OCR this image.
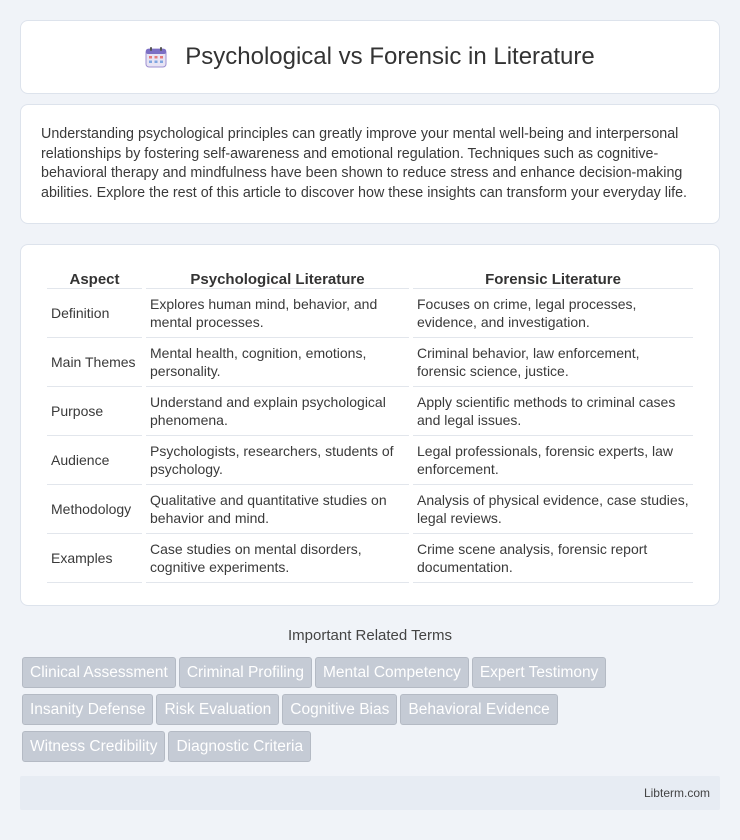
Psychological vs Forensic in Literature

Understanding psychological principles can greatly improve your mental well-being and interpersonal relationships by fostering self-awareness and emotional regulation. Techniques such as cognitive-behavioral therapy and mindfulness have been shown to reduce stress and enhance decision-making abilities. Explore the rest of this article to discover how these insights can transform your everyday life.

Aspect	Psychological Literature	Forensic Literature
Definition	Explores human mind, behavior, and mental processes.	Focuses on crime, legal processes, evidence, and investigation.
Main Themes	Mental health, cognition, emotions, personality.	Criminal behavior, law enforcement, forensic science, justice.
Purpose	Understand and explain psychological phenomena.	Apply scientific methods to criminal cases and legal issues.
Audience	Psychologists, researchers, students of psychology.	Legal professionals, forensic experts, law enforcement.
Methodology	Qualitative and quantitative studies on behavior and mind.	Analysis of physical evidence, case studies, legal reviews.
Examples	Case studies on mental disorders, cognitive experiments.	Crime scene analysis, forensic report documentation.
Important Related Terms
Clinical Assessment Criminal Profiling Mental Competency Expert Testimony
Insanity Defense Risk Evaluation Cognitive Bias Behavioral Evidence
Witness Credibility Diagnostic Criteria
Libterm.com
